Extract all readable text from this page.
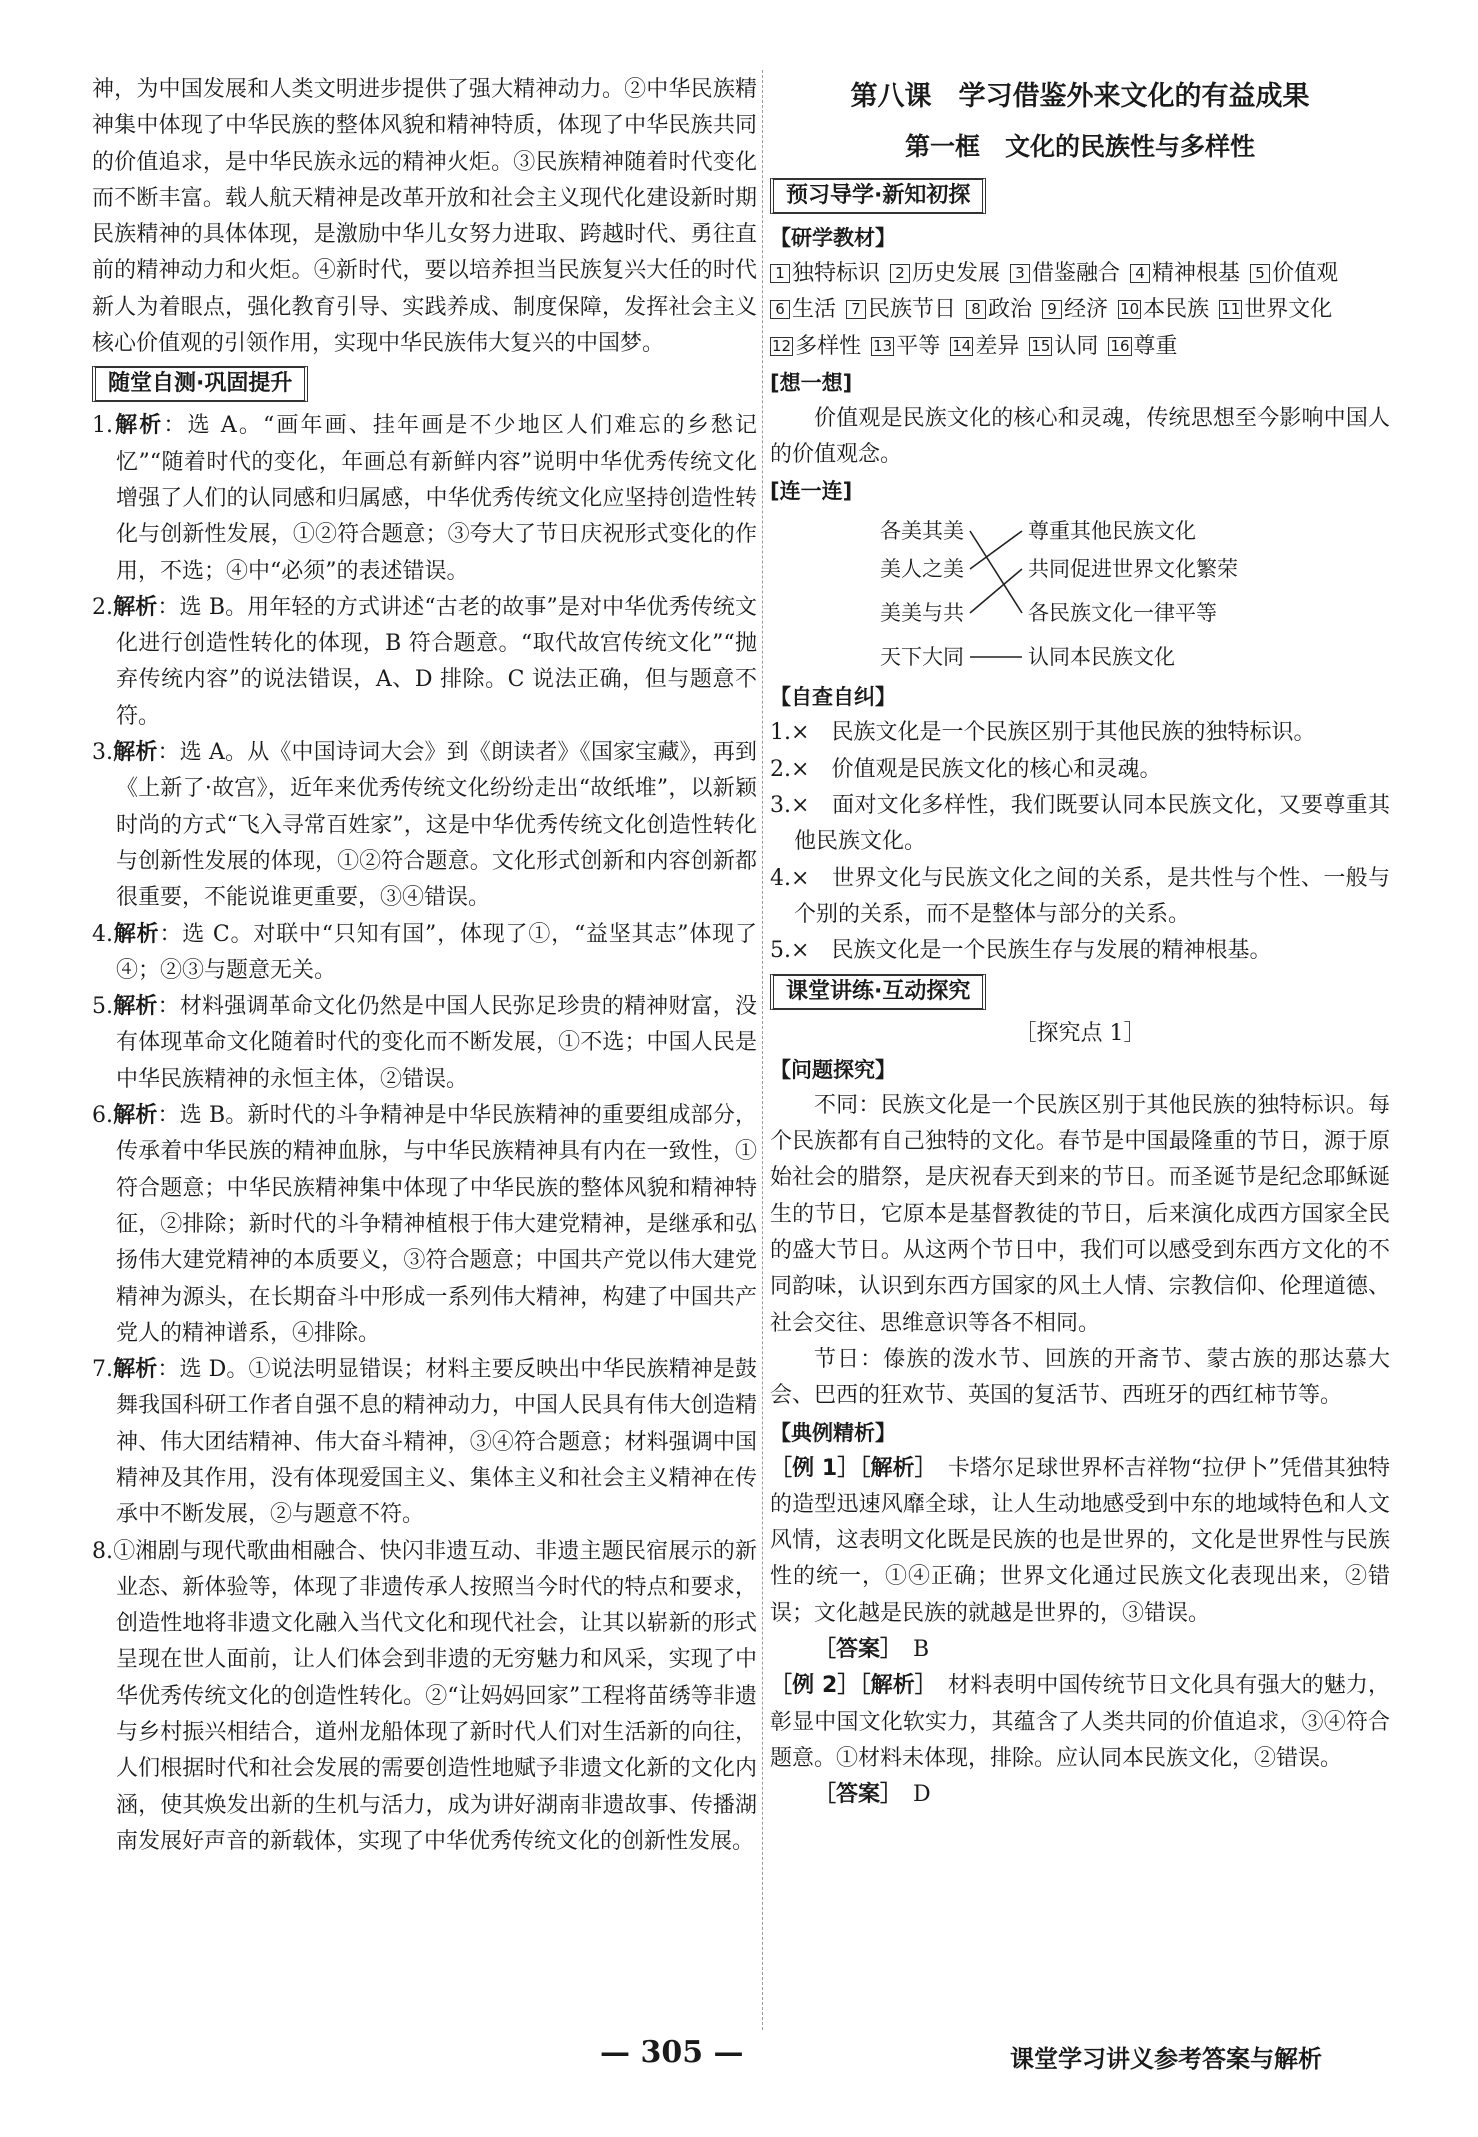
神，为中国发展和人类文明进步提供了强大精神动力。②中华民族精神集中体现了中华民族的整体风貌和精神特质，体现了中华民族共同的价值追求，是中华民族永远的精神火炬。③民族精神随着时代变化而不断丰富。载人航天精神是改革开放和社会主义现代化建设新时期民族精神的具体体现，是激励中华儿女努力进取、跨越时代、勇往直前的精神动力和火炬。④新时代，要以培养担当民族复兴大任的时代新人为着眼点，强化教育引导、实践养成、制度保障，发挥社会主义核心价值观的引领作用，实现中华民族伟大复兴的中国梦。

随堂自测·巩固提升

1.解析：选 A。“画年画、挂年画是不少地区人们难忘的乡愁记忆”“随着时代的变化，年画总有新鲜内容”说明中华优秀传统文化增强了人们的认同感和归属感，中华优秀传统文化应坚持创造性转化与创新性发展，①②符合题意；③夸大了节日庆祝形式变化的作用，不选；④中“必须”的表述错误。

2.解析：选 B。用年轻的方式讲述“古老的故事”是对中华优秀传统文化进行创造性转化的体现，B 符合题意。“取代故宫传统文化”“抛弃传统内容”的说法错误，A、D 排除。C 说法正确，但与题意不符。

3.解析：选 A。从《中国诗词大会》到《朗读者》《国家宝藏》，再到《上新了·故宫》，近年来优秀传统文化纷纷走出“故纸堆”，以新颖时尚的方式“飞入寻常百姓家”，这是中华优秀传统文化创造性转化与创新性发展的体现，①②符合题意。文化形式创新和内容创新都很重要，不能说谁更重要，③④错误。

4.解析：选 C。对联中“只知有国”，体现了①，“益坚其志”体现了④；②③与题意无关。

5.解析：材料强调革命文化仍然是中国人民弥足珍贵的精神财富，没有体现革命文化随着时代的变化而不断发展，①不选；中国人民是中华民族精神的永恒主体，②错误。

6.解析：选 B。新时代的斗争精神是中华民族精神的重要组成部分，传承着中华民族的精神血脉，与中华民族精神具有内在一致性，①符合题意；中华民族精神集中体现了中华民族的整体风貌和精神特征，②排除；新时代的斗争精神植根于伟大建党精神，是继承和弘扬伟大建党精神的本质要义，③符合题意；中国共产党以伟大建党精神为源头，在长期奋斗中形成一系列伟大精神，构建了中国共产党人的精神谱系，④排除。

7.解析：选 D。①说法明显错误；材料主要反映出中华民族精神是鼓舞我国科研工作者自强不息的精神动力，中国人民具有伟大创造精神、伟大团结精神、伟大奋斗精神，③④符合题意；材料强调中国精神及其作用，没有体现爱国主义、集体主义和社会主义精神在传承中不断发展，②与题意不符。

8.①湘剧与现代歌曲相融合、快闪非遗互动、非遗主题民宿展示的新业态、新体验等，体现了非遗传承人按照当今时代的特点和要求，创造性地将非遗文化融入当代文化和现代社会，让其以崭新的形式呈现在世人面前，让人们体会到非遗的无穷魅力和风采，实现了中华优秀传统文化的创造性转化。②“让妈妈回家”工程将苗绣等非遗与乡村振兴相结合，道州龙船体现了新时代人们对生活新的向往，人们根据时代和社会发展的需要创造性地赋予非遗文化新的文化内涵，使其焕发出新的生机与活力，成为讲好湖南非遗故事、传播湖南发展好声音的新载体，实现了中华优秀传统文化的创新性发展。

第八课　学习借鉴外来文化的有益成果

第一框　文化的民族性与多样性

预习导学·新知初探

【研学教材】

1 独特标识 2 历史发展 3 借鉴融合 4 精神根基 5 价值观6 生活 7 民族节日 8 政治 9 经济 10 本民族 11 世界文化12 多样性 13 平等 14 差异 15 认同 16 尊重

[想一想]

价值观是民族文化的核心和灵魂，传统思想至今影响中国人的价值观念。

[连一连]

各美其美
美人之美
美美与共
天下大同
尊重其他民族文化
共同促进世界文化繁荣
各民族文化一律平等
认同本民族文化

【自查自纠】

1.×　 民族文化是一个民族区别于其他民族的独特标识。

2.×　 价值观是民族文化的核心和灵魂。

3.×　 面对文化多样性，我们既要认同本民族文化，又要尊重其他民族文化。

4.×　 世界文化与民族文化之间的关系，是共性与个性、一般与个别的关系，而不是整体与部分的关系。

5.×　 民族文化是一个民族生存与发展的精神根基。

课堂讲练·互动探究

［探究点 1］

【问题探究】

不同：民族文化是一个民族区别于其他民族的独特标识。每个民族都有自己独特的文化。春节是中国最隆重的节日，源于原始社会的腊祭，是庆祝春天到来的节日。而圣诞节是纪念耶稣诞生的节日，它原本是基督教徒的节日，后来演化成西方国家全民的盛大节日。从这两个节日中，我们可以感受到东西方文化的不同韵味，认识到东西方国家的风土人情、宗教信仰、伦理道德、社会交往、思维意识等各不相同。

节日：傣族的泼水节、回族的开斋节、蒙古族的那达慕大会、巴西的狂欢节、英国的复活节、西班牙的西红柿节等。

【典例精析】

［例 1］［解析］　 卡塔尔足球世界杯吉祥物“拉伊卜”凭借其独特的造型迅速风靡全球，让人生动地感受到中东的地域特色和人文风情，这表明文化既是民族的也是世界的，文化是世界性与民族性的统一，①④正确；世界文化通过民族文化表现出来，②错误；文化越是民族的就越是世界的，③错误。

［答案］　 B

［例 2］［解析］　 材料表明中国传统节日文化具有强大的魅力，彰显中国文化软实力，其蕴含了人类共同的价值追求，③④符合题意。①材料未体现，排除。应认同本民族文化，②错误。

［答案］　 D

— 305 —	课堂学习讲义参考答案与解析
